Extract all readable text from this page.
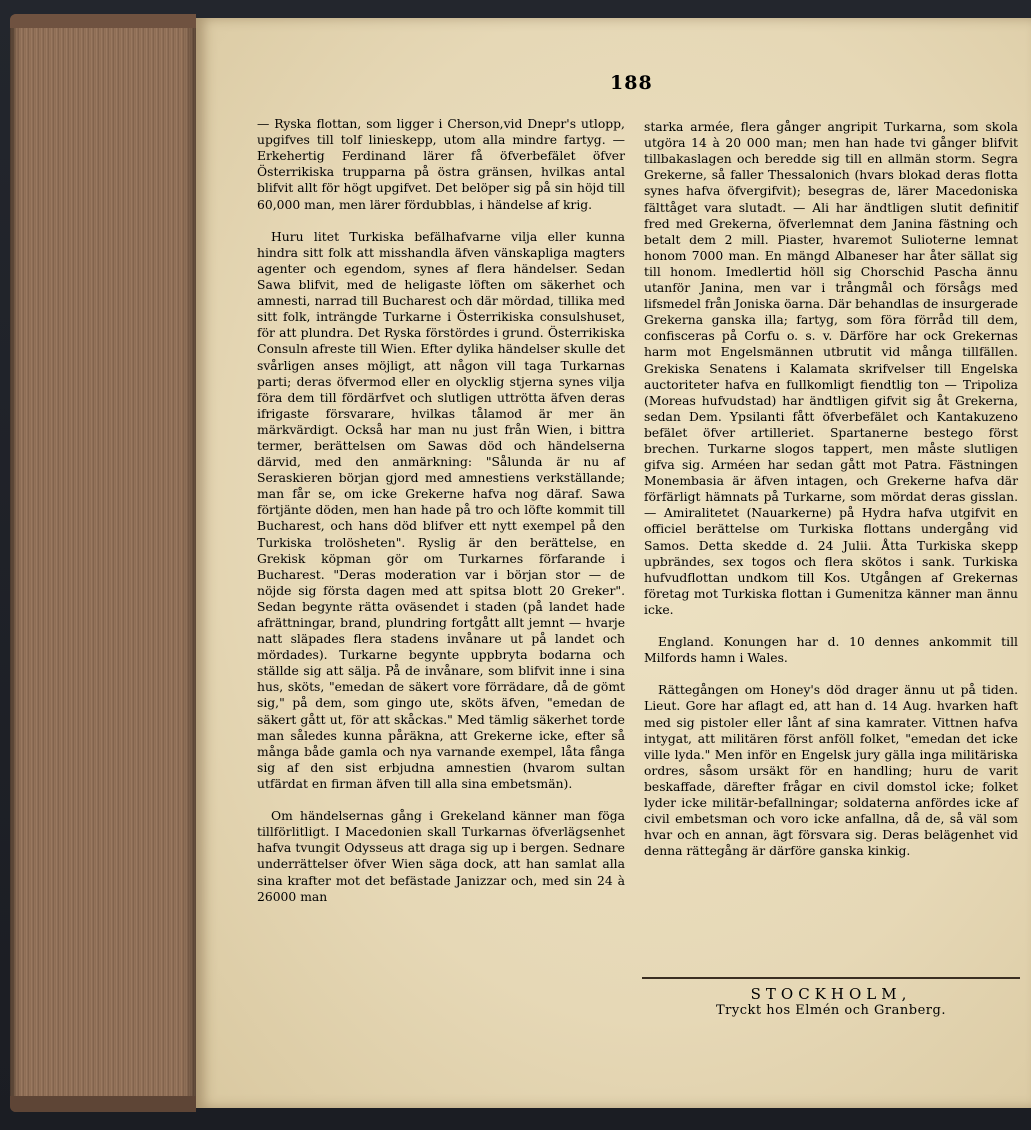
188

— Ryska flottan, som ligger i Cherson,vid Dnepr's utlopp, upgifves till tolf linieskepp, utom alla mindre fartyg. — Erkehertig Ferdinand lärer få öfverbefälet öfver Österrikiska trupparna på östra gränsen, hvilkas antal blifvit allt för högt upgifvet. Det belöper sig på sin höjd till 60,000 man, men lärer fördubblas, i händelse af krig.

Huru litet Turkiska befälhafvarne vilja eller kunna hindra sitt folk att misshandla äfven vänskapliga magters agenter och egendom, synes af flera händelser. Sedan Sawa blifvit, med de heligaste löften om säkerhet och amnesti, narrad till Bucharest och där mördad, tillika med sitt folk, inträngde Turkarne i Österrikiska consulshuset, för att plundra. Det Ryska förstördes i grund. Österrikiska Consuln afreste till Wien. Efter dylika händelser skulle det svårligen anses möjligt, att någon vill taga Turkarnas parti; deras öfvermod eller en olycklig stjerna synes vilja föra dem till fördärfvet och slutligen uttrötta äfven deras ifrigaste försvarare, hvilkas tålamod är mer än märkvärdigt. Också har man nu just från Wien, i bittra termer, berättelsen om Sawas död och händelserna därvid, med den anmärkning: "Sålunda är nu af Seraskieren början gjord med amnestiens verkställande; man får se, om icke Grekerne hafva nog däraf. Sawa förtjänte döden, men han hade på tro och löfte kommit till Bucharest, och hans död blifver ett nytt exempel på den Turkiska trolösheten". Ryslig är den berättelse, en Grekisk köpman gör om Turkarnes förfarande i Bucharest. "Deras moderation var i början stor — de nöjde sig första dagen med att spitsa blott 20 Greker". Sedan begynte rätta oväsendet i staden (på landet hade afrättningar, brand, plundring fortgått allt jemnt — hvarje natt släpades flera stadens invånare ut på landet och mördades). Turkarne begynte uppbryta bodarna och ställde sig att sälja. På de invånare, som blifvit inne i sina hus, sköts, "emedan de säkert vore förrädare, då de gömt sig," på dem, som gingo ute, sköts äfven, "emedan de säkert gått ut, för att skåckas." Med tämlig säkerhet torde man således kunna påräkna, att Grekerne icke, efter så många både gamla och nya varnande exempel, låta fånga sig af den sist erbjudna amnestien (hvarom sultan utfärdat en firman äfven till alla sina embetsmän).

Om händelsernas gång i Grekeland känner man föga tillförlitligt. I Macedonien skall Turkarnas öfverlägsenhet hafva tvungit Odysseus att draga sig up i bergen. Sednare underrättelser öfver Wien säga dock, att han samlat alla sina krafter mot det befästade Janizzar och, med sin 24 à 26000 man

starka armée, flera gånger angripit Turkarna, som skola utgöra 14 à 20 000 man; men han hade tvi gånger blifvit tillbakaslagen och beredde sig till en allmän storm. Segra Grekerne, så faller Thessalonich (hvars blokad deras flotta synes hafva öfvergifvit); besegras de, lärer Macedoniska fälttåget vara slutadt. — Ali har ändtligen slutit definitif fred med Grekerna, öfverlemnat dem Janina fästning och betalt dem 2 mill. Piaster, hvaremot Sulioterne lemnat honom 7000 man. En mängd Albaneser har åter sällat sig till honom. Imedlertid höll sig Chorschid Pascha ännu utanför Janina, men var i trångmål och försågs med lifsmedel från Joniska öarna. Där behandlas de insurgerade Grekerna ganska illa; fartyg, som föra förråd till dem, confisceras på Corfu o. s. v. Därföre har ock Grekernas harm mot Engelsmännen utbrutit vid många tillfällen. Grekiska Senatens i Kalamata skrifvelser till Engelska auctoriteter hafva en fullkomligt fiendtlig ton — Tripoliza (Moreas hufvudstad) har ändtligen gifvit sig åt Grekerna, sedan Dem. Ypsilanti fått öfverbefälet och Kantakuzeno befälet öfver artilleriet. Spartanerne bestego först brechen. Turkarne slogos tappert, men måste slutligen gifva sig. Arméen har sedan gått mot Patra. Fästningen Monembasia är äfven intagen, och Grekerne hafva där förfärligt hämnats på Turkarne, som mördat deras gisslan. — Amiralitetet (Nauarkerne) på Hydra hafva utgifvit en officiel berättelse om Turkiska flottans undergång vid Samos. Detta skedde d. 24 Julii. Åtta Turkiska skepp upbrändes, sex togos och flera skötos i sank. Turkiska hufvudflottan undkom till Kos. Utgången af Grekernas företag mot Turkiska flottan i Gumenitza känner man ännu icke.

England. Konungen har d. 10 dennes ankommit till Milfords hamn i Wales.

Rättegången om Honey's död drager ännu ut på tiden. Lieut. Gore har aflagt ed, att han d. 14 Aug. hvarken haft med sig pistoler eller lånt af sina kamrater. Vittnen hafva intygat, att militären först anföll folket, "emedan det icke ville lyda." Men inför en Engelsk jury gälla inga militäriska ordres, såsom ursäkt för en handling; huru de varit beskaffade, därefter frågar en civil domstol icke; folket lyder icke militär-befallningar; soldaterna anfördes icke af civil embetsman och voro icke anfallna, då de, så väl som hvar och en annan, ägt försvara sig. Deras belägenhet vid denna rättegång är därföre ganska kinkig.

STOCKHOLM,
Tryckt hos Elmén och Granberg.
